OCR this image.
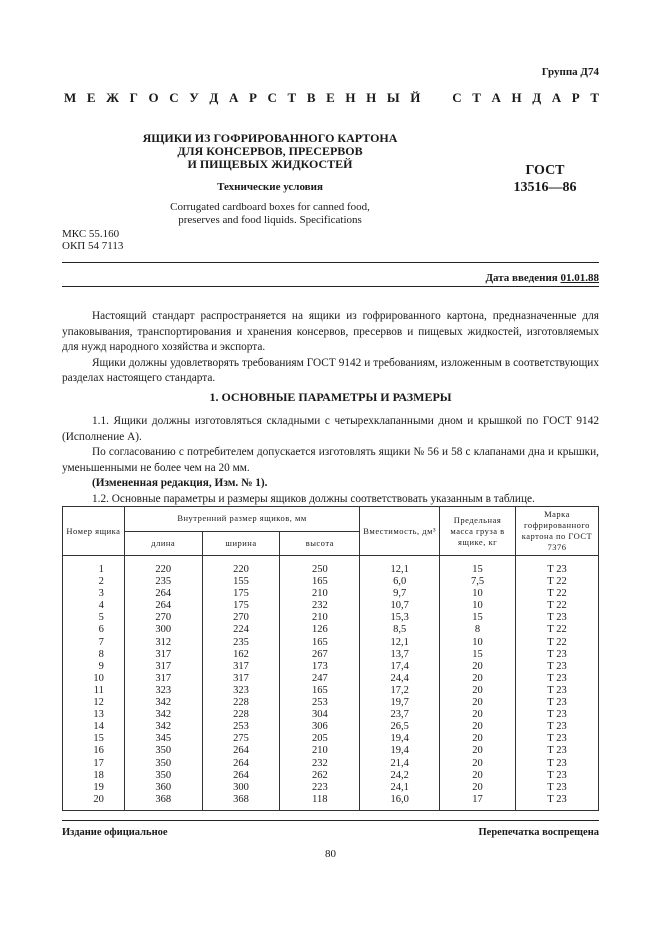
Группа Д74
М Е Ж Г О С У Д А Р С Т В Е Н Н Ы Й С Т А Н Д А Р Т
ЯЩИКИ ИЗ ГОФРИРОВАННОГО КАРТОНА
ДЛЯ КОНСЕРВОВ, ПРЕСЕРВОВ
И ПИЩЕВЫХ ЖИДКОСТЕЙ
Технические условия
Corrugated cardboard boxes for canned food,
preserves and food liquids. Specifications
ГОСТ
13516—86
МКС 55.160
ОКП 54 7113
Дата введения 01.01.88

Настоящий стандарт распространяется на ящики из гофрированного картона, предназначенные для упаковывания, транспортирования и хранения консервов, пресервов и пищевых жидкостей, изготовляемых для нужд народного хозяйства и экспорта.

Ящики должны удовлетворять требованиям ГОСТ 9142 и требованиям, изложенным в соответствующих разделах настоящего стандарта.

1. ОСНОВНЫЕ ПАРАМЕТРЫ И РАЗМЕРЫ

1.1. Ящики должны изготовляться складными с четырехклапанными дном и крышкой по ГОСТ 9142 (Исполнение А).

По согласованию с потребителем допускается изготовлять ящики № 56 и 58 с клапанами дна и крышки, уменьшенными не более чем на 20 мм.

(Измененная редакция, Изм. № 1).

1.2. Основные параметры и размеры ящиков должны соответствовать указанным в таблице.

Номер ящика	Внутренний размер ящиков, мм			Вместимость, дм³	Предельная масса груза в ящике, кг	Марка гофрированного картона по ГОСТ 7376
	длина	ширина	высота			
1	220	220	250	12,1	15	Т 23
2	235	155	165	6,0	7,5	Т 22
3	264	175	210	9,7	10	Т 22
4	264	175	232	10,7	10	Т 22
5	270	270	210	15,3	15	Т 23
6	300	224	126	8,5	8	Т 22
7	312	235	165	12,1	10	Т 22
8	317	162	267	13,7	15	Т 23
9	317	317	173	17,4	20	Т 23
10	317	317	247	24,4	20	Т 23
11	323	323	165	17,2	20	Т 23
12	342	228	253	19,7	20	Т 23
13	342	228	304	23,7	20	Т 23
14	342	253	306	26,5	20	Т 23
15	345	275	205	19,4	20	Т 23
16	350	264	210	19,4	20	Т 23
17	350	264	232	21,4	20	Т 23
18	350	264	262	24,2	20	Т 23
19	360	300	223	24,1	20	Т 23
20	368	368	118	16,0	17	Т 23
Издание официальное	Перепечатка воспрещена
80
